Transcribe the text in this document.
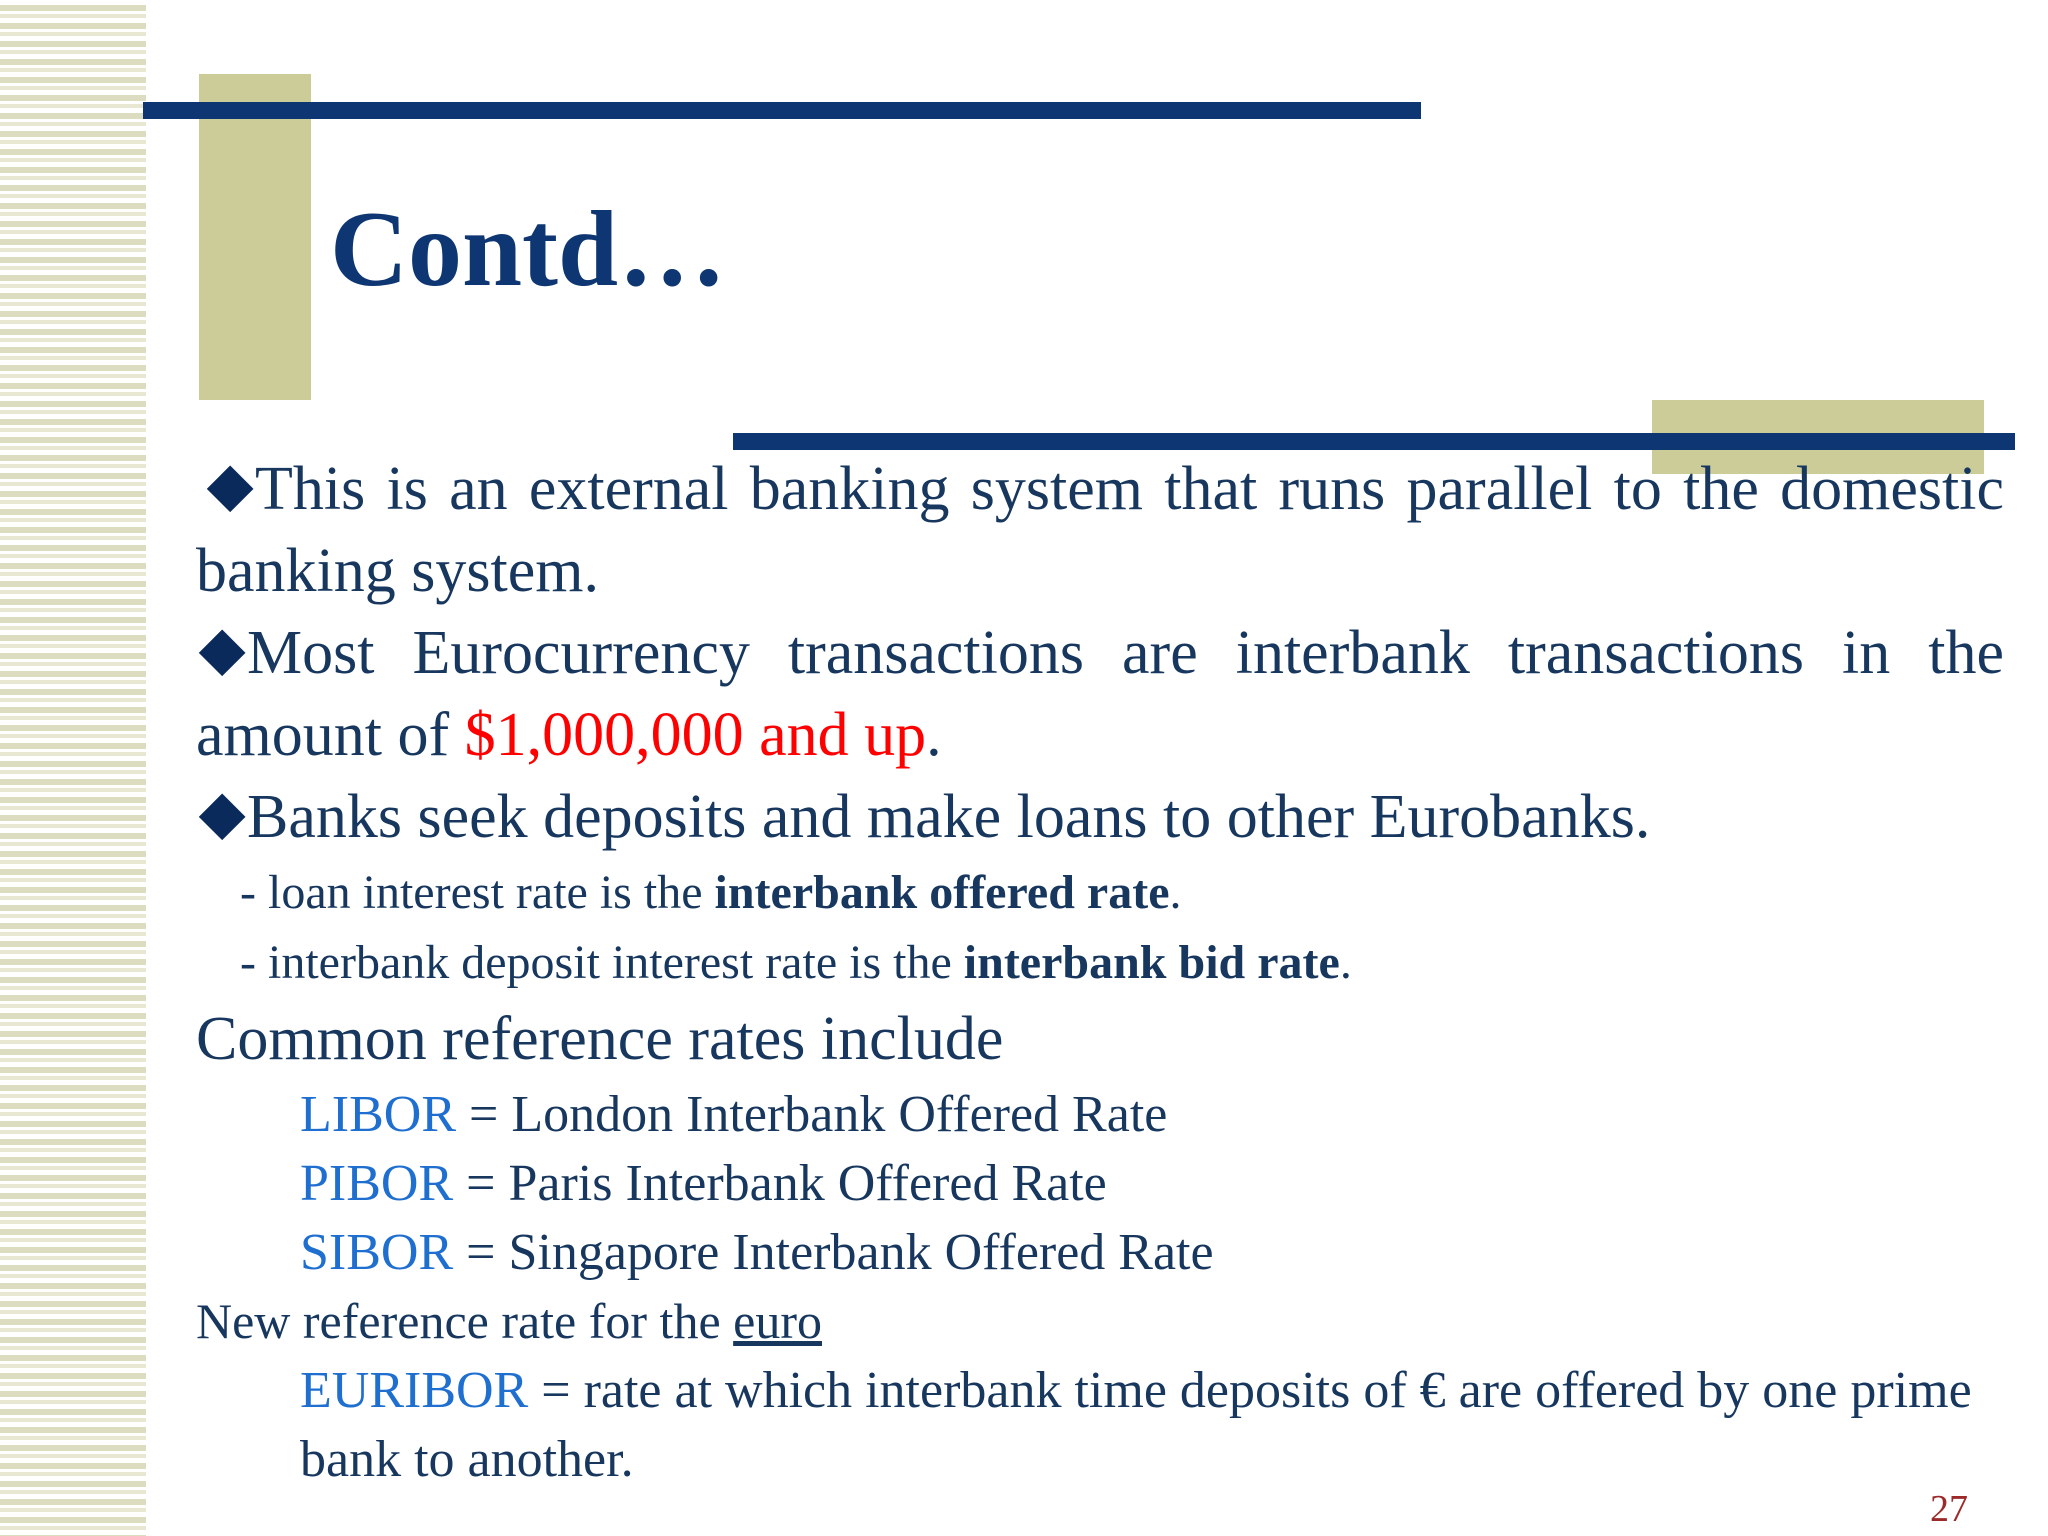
Contd…
This is an external banking system that runs parallel to the domestic banking system.
Most Eurocurrency transactions are interbank transactions in the amount of $1,000,000 and up.
Banks seek deposits and make loans to other Eurobanks.
- loan interest rate is the interbank offered rate.
- interbank deposit interest rate is the interbank bid rate.
Common reference rates include
LIBOR = London Interbank Offered Rate
PIBOR = Paris Interbank Offered Rate
SIBOR = Singapore Interbank Offered Rate
New reference rate for the euro
EURIBOR = rate at which interbank time deposits of € are offered by one prime bank to another.
27
